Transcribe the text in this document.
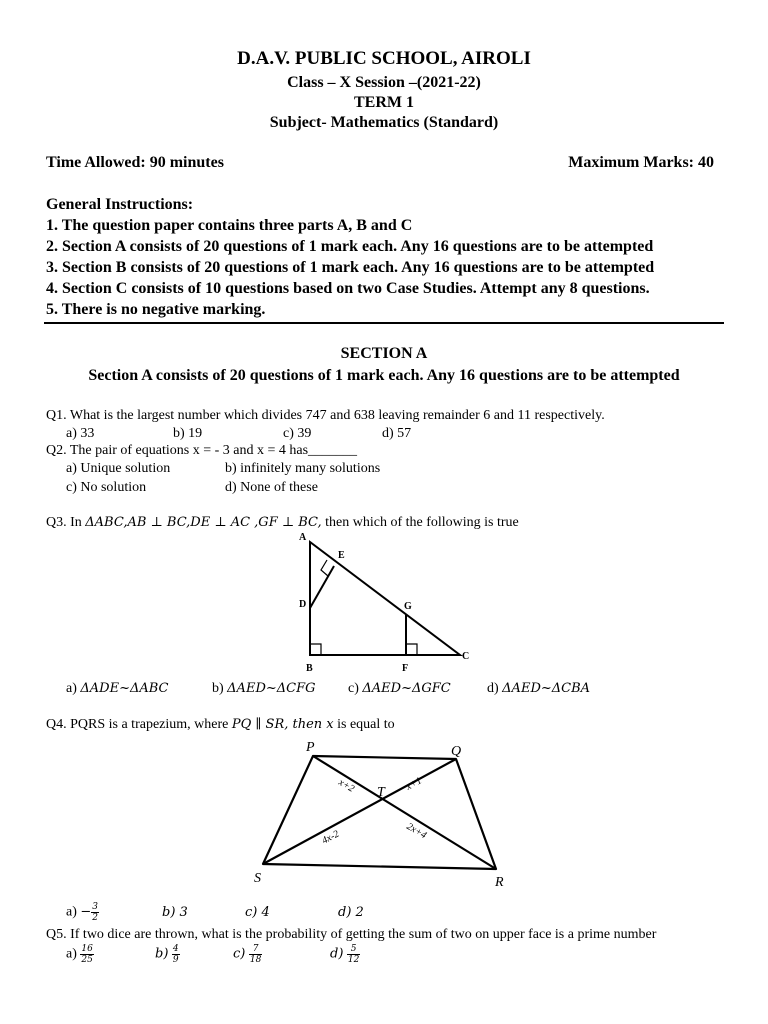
D.A.V. PUBLIC SCHOOL, AIROLI
Class – X Session –(2021-22)
TERM 1
Subject- Mathematics (Standard)
Time Allowed: 90 minutes	Maximum Marks: 40
General Instructions:
1. The question paper contains three parts A, B and C
2. Section A consists of 20 questions of 1 mark each. Any 16 questions are to be attempted
3. Section B consists of 20 questions of 1 mark each. Any 16 questions are to be attempted
4. Section C consists of 10 questions based on two Case Studies. Attempt any 8 questions.
5. There is no negative marking.
SECTION A
Section A consists of 20 questions of 1 mark each. Any 16 questions are to be attempted
Q1. What is the largest number which divides 747 and 638 leaving remainder 6 and 11 respectively.
a) 33	b) 19	c) 39	d) 57
Q2. The pair of equations x = - 3 and x = 4 has_______
a) Unique solution	b) infinitely many solutions
c) No solution	d) None of these
Q3. In ΔABC,AB ⊥ BC,DE ⊥ AC ,GF ⊥ BC, then which of the following is true
A
E
D	G
B	F
C
a) ΔADE~ΔABC	b) ΔAED~ΔCFG c) ΔAED~ΔGFC	d) ΔAED~ΔCBA
Q4. PQRS is a trapezium, where PQ ∥ SR, then x is equal to
P	Q
R
S
T
x+2	x+1
4x-2	2x+4
$a) - \frac{3}{2}$	b) 3	c) 4	d) 2
Q5. If two dice are thrown, what is the probability of getting the sum of two on upper face is a prime number
$a) \frac{16}{25}$	$b) \frac{4}{9}$	$c) \frac{7}{18}$	$d) \frac{5}{12}$
